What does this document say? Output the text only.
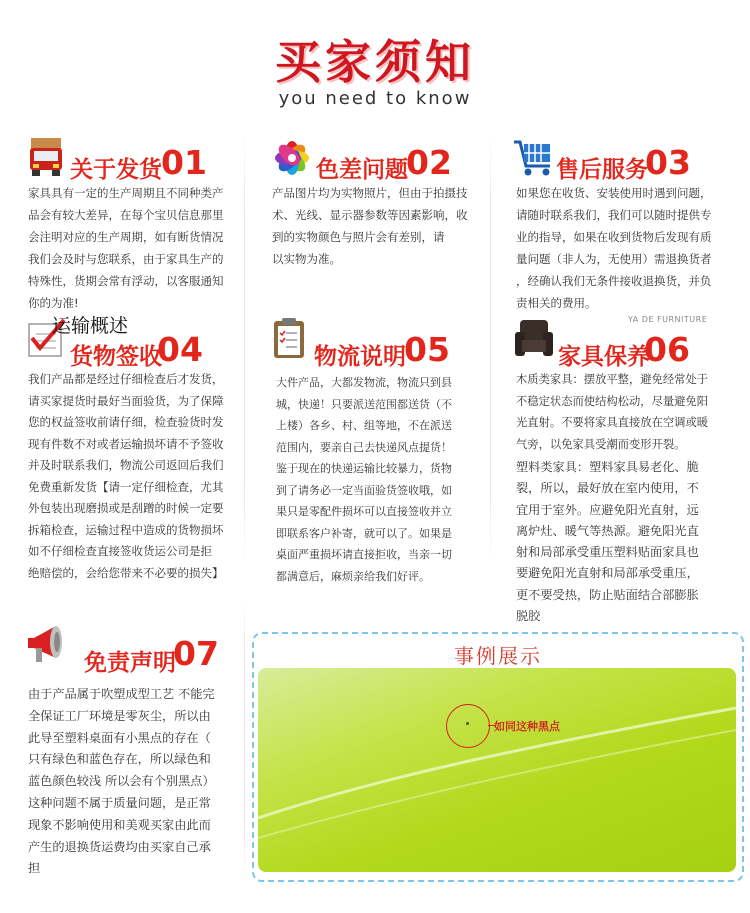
买家须知
you need to know
关于发货 01
家具具有一定的生产周期且不同种类产
品会有较大差异，在每个宝贝信息那里
会注明对应的生产周期，如有断货情况
我们会及时与您联系，由于家具生产的
特殊性，货期会常有浮动，以客服通知
你的为准!
色差问题
02
产品图片均为实物照片，但由于拍摄技
术、光线、显示器参数等因素影响，收
到的实物颜色与照片会有差别，请
以实物为准。
售后服务
03
如果您在收货、安装使用时遇到问题，
请随时联系我们，我们可以随时提供专
业的指导，如果在收到货物后发现有质
量问题（非人为，无使用）需退换货者
，经确认我们无条件接收退换货，并负
责相关的费用。
运输概述
货物签收
04
我们产品都是经过仔细检查后才发货，
请买家提货时最好当面验货，为了保障
您的权益签收前请仔细，检查验货时发
现有件数不对或者运输损坏请不予签收
并及时联系我们，物流公司返回后我们
免费重新发货【请一定仔细检查，尤其
外包装出现磨损或是刮蹭的时候一定要
拆箱检查，运输过程中造成的货物损坏
如不仔细检查直接签收货运公司是拒
绝赔偿的，会给您带来不必要的损失】
物流说明
05
大件产品，大都发物流，物流只到县
城，快递！只要派送范围都送货（不
上楼）各乡、村、组等地，不在派送
范围内，要亲自己去快递风点提货！
鉴于现在的快递运输比较暴力，货物
到了请务必一定当面验货签收哦，如
果只是零配件损坏可以直接签收并立
即联系客户补寄，就可以了。如果是
桌面严重损坏请直接拒收，当亲一切
都满意后，麻烦亲给我们好评。
YA DE FURNITURE
家具保养
06
木质类家具：摆放平整，避免经常处于
不稳定状态而使结构松动，尽量避免阳
光直射。不要将家具直接放在空调或暖
气旁，以免家具受潮而变形开裂。
塑料类家具：塑料家具易老化、脆
裂，所以，最好放在室内使用，不
宜用于室外。应避免阳光直射，远
离炉灶、暖气等热源。避免阳光直
射和局部承受重压塑料贴面家具也
要避免阳光直射和局部承受重压，
更不要受热，防止贴面结合部膨胀
脱胶
免责声明
07
由于产品属于吹塑成型工艺 不能完
全保证工厂环境是零灰尘，所以由
此导至塑料桌面有小黑点的存在（
只有绿色和蓝色存在，所以绿色和
蓝色颜色较浅 所以会有个别黑点）
这种问题不属于质量问题，是正常
现象不影响使用和美观买家由此而
产生的退换货运费均由买家自己承
担
事例展示
如同这种黑点
